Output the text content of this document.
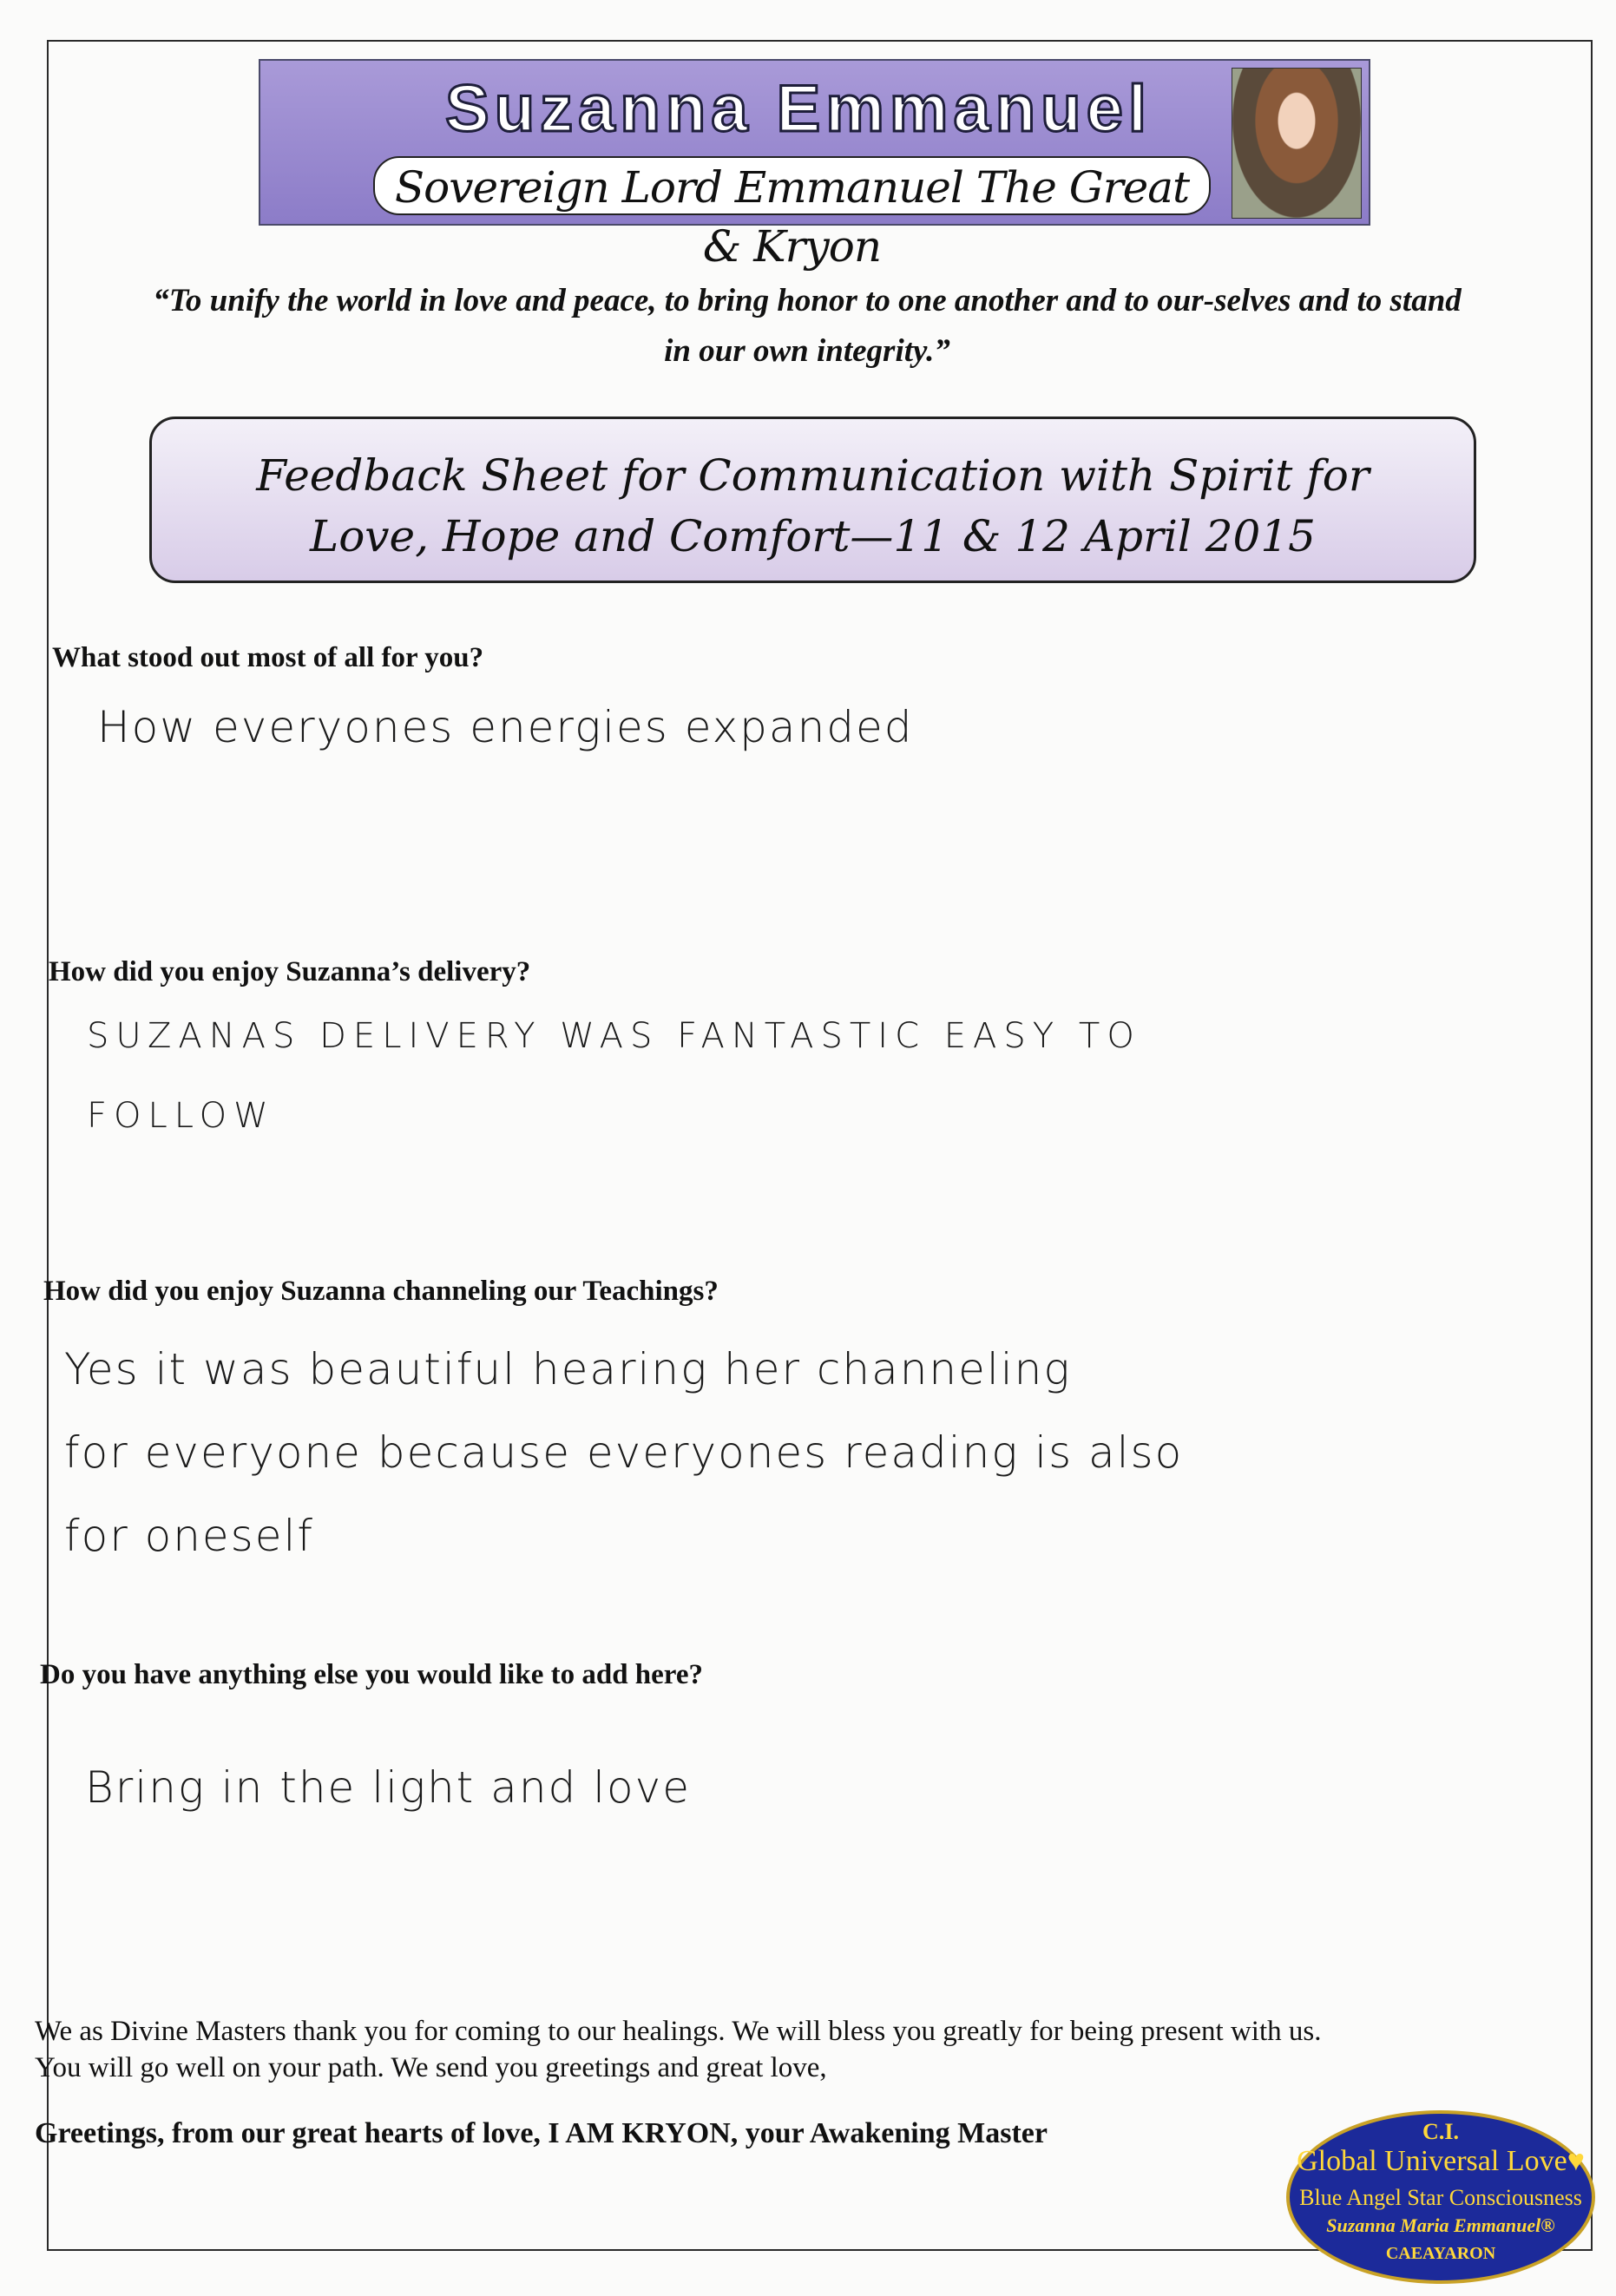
Suzanna Emmanuel
Sovereign Lord Emmanuel The Great & Kryon
“To unify the world in love and peace, to bring honor to one another and to our-selves and to stand in our own integrity.”
Feedback Sheet for Communication with Spirit for
Love, Hope and Comfort—11 & 12 April 2015
What stood out most of all for you?
How everyones energies expanded
How did you enjoy Suzanna’s delivery?
SUZANAS DELIVERY WAS FANTASTIC EASY TO
FOLLOW
How did you enjoy Suzanna channeling our Teachings?
Yes it was beautiful hearing her channeling
for everyone because everyones reading is also
for oneself
Do you have anything else you would like to add here?
Bring in the light and love
We as Divine Masters thank you for coming to our healings. We will bless you greatly for being present with us.
You will go well on your path. We send you greetings and great love,
Greetings, from our great hearts of love, I AM KRYON, your Awakening Master	C.I.
Global Universal Love♥
Blue Angel Star Consciousness
Suzanna Maria Emmanuel®
CAEAYARON
